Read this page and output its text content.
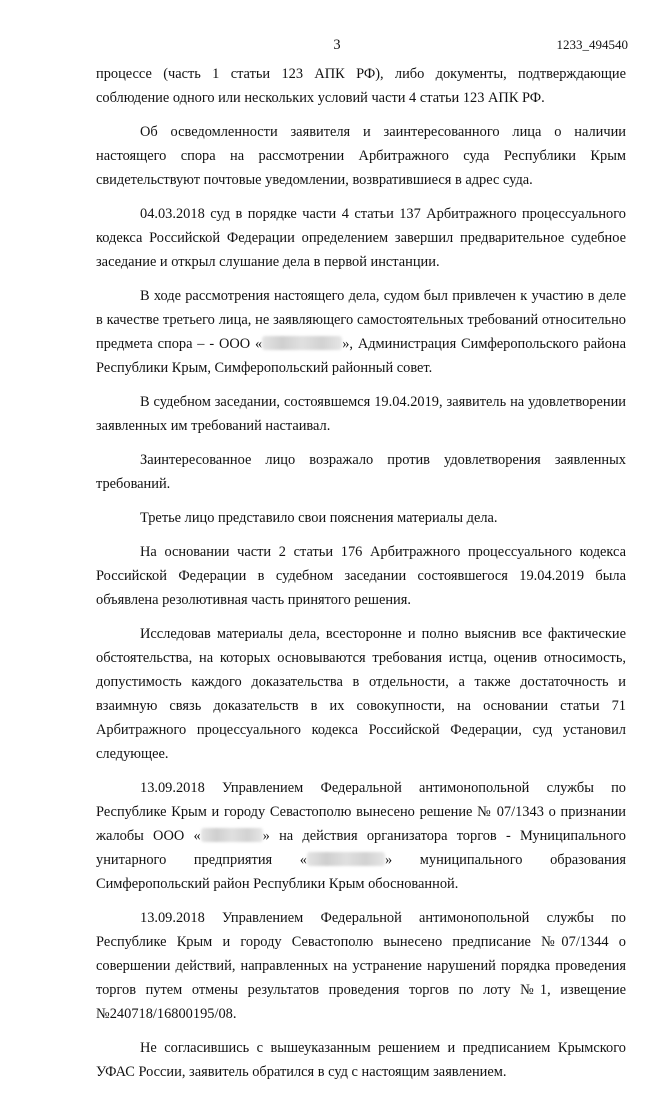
3	1233_494540

процессе (часть 1 статьи 123 АПК РФ), либо документы, подтверждающие соблюдение одного или нескольких условий части 4 статьи 123 АПК РФ.

Об осведомленности заявителя и заинтересованного лица о наличии настоящего спора на рассмотрении Арбитражного суда Республики Крым свидетельствуют почтовые уведомлении, возвратившиеся в адрес суда.

04.03.2018 суд в порядке части 4 статьи 137 Арбитражного процессуального кодекса Российской Федерации определением завершил предварительное судебное заседание и открыл слушание дела в первой инстанции.

В ходе рассмотрения настоящего дела, судом был привлечен к участию в деле в качестве третьего лица, не заявляющего самостоятельных требований относительно предмета спора – - ООО «	», Администрация Симферопольского района Республики Крым, Симферопольский районный совет.

В судебном заседании, состоявшемся 19.04.2019, заявитель на удовлетворении заявленных им требований настаивал.

Заинтересованное лицо возражало против удовлетворения заявленных требований.

Третье лицо представило свои пояснения материалы дела.

На основании части 2 статьи 176 Арбитражного процессуального кодекса Российской Федерации в судебном заседании состоявшегося 19.04.2019 была объявлена резолютивная часть принятого решения.

Исследовав материалы дела, всесторонне и полно выяснив все фактические обстоятельства, на которых основываются требования истца, оценив относимость, допустимость каждого доказательства в отдельности, а также достаточность и взаимную связь доказательств в их совокупности, на основании статьи 71 Арбитражного процессуального кодекса Российской Федерации, суд установил следующее.

13.09.2018 Управлением Федеральной антимонопольной службы по Республике Крым и городу Севастополю вынесено решение № 07/1343 о признании жалобы ООО «	» на действия организатора торгов - Муниципального унитарного предприятия «	» муниципального образования Симферопольский район Республики Крым обоснованной.

13.09.2018 Управлением Федеральной антимонопольной службы по Республике Крым и городу Севастополю вынесено предписание №07/1344 о совершении действий, направленных на устранение нарушений порядка проведения торгов путем отмены результатов проведения торгов по лоту №1, извещение №240718/16800195/08.

Не согласившись с вышеуказанным решением и предписанием Крымского УФАС России, заявитель обратился в суд с настоящим заявлением.
